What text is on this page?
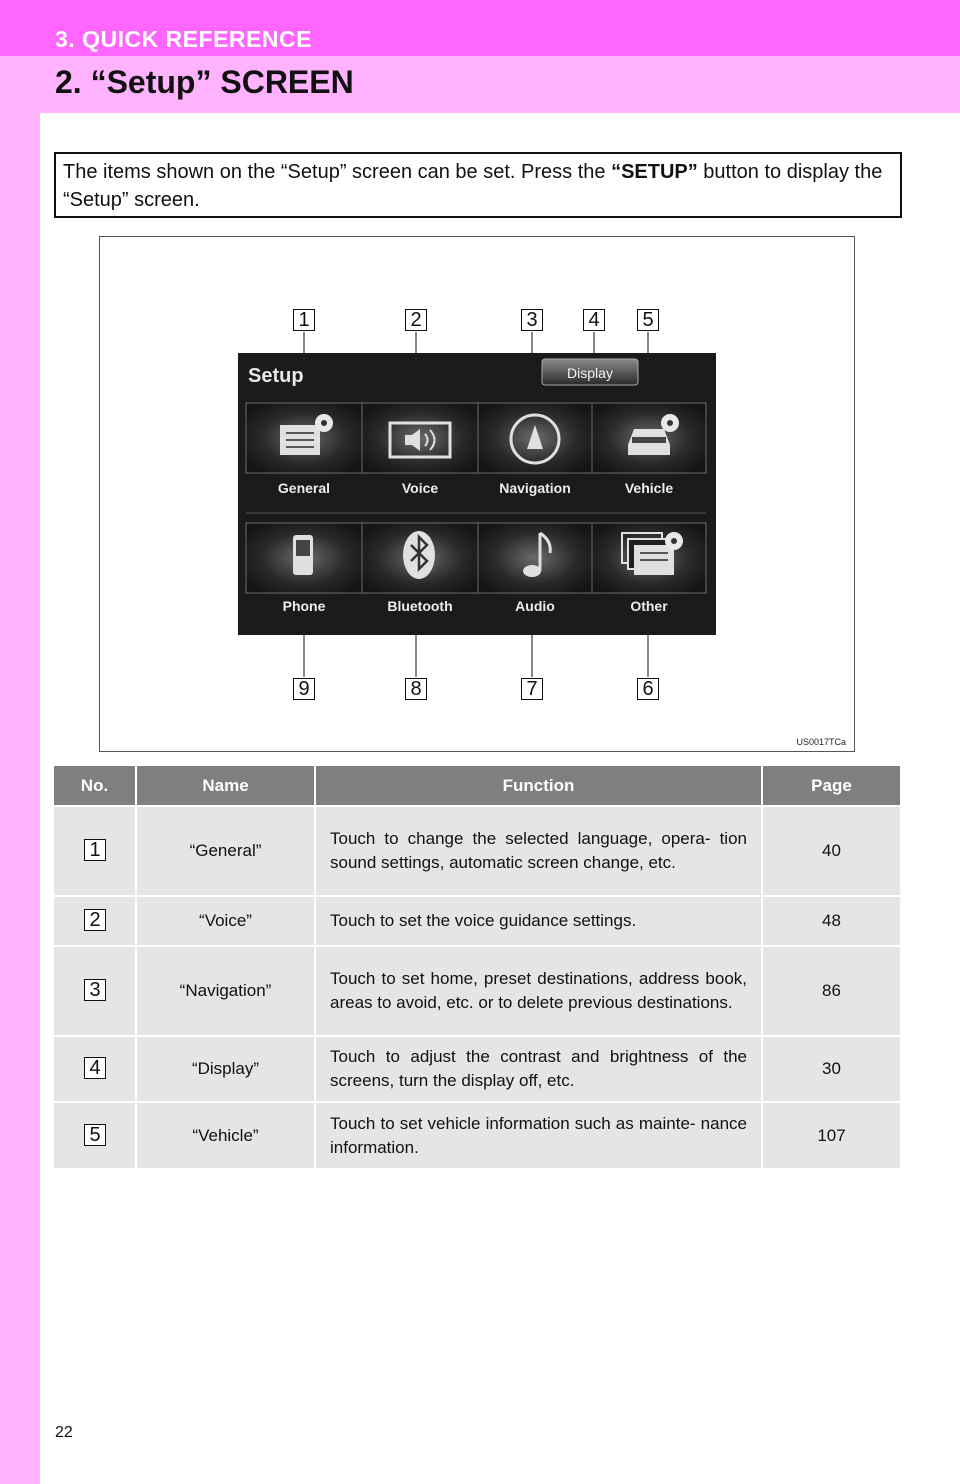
3. QUICK REFERENCE
2. “Setup” SCREEN
The items shown on the “Setup” screen can be set. Press the “SETUP” button to display the “Setup” screen.
Setup	Display
General	Voice	Navigation	Vehicle
Phone	Bluetooth	Audio	Other
1	2	3	4 5
9	8	7	6
US0017TCa
No.	Name	Function	Page
1	“General”	Touch to change the selected language, opera- tion sound settings, automatic screen change, etc.	40
2	“Voice”	Touch to set the voice guidance settings.	48
3	“Navigation”	Touch to set home, preset destinations, address book, areas to avoid, etc. or to delete previous destinations.	86
4	“Display”	Touch to adjust the contrast and brightness of the screens, turn the display off, etc.	30
5	“Vehicle”	Touch to set vehicle information such as mainte- nance information.	107
22
